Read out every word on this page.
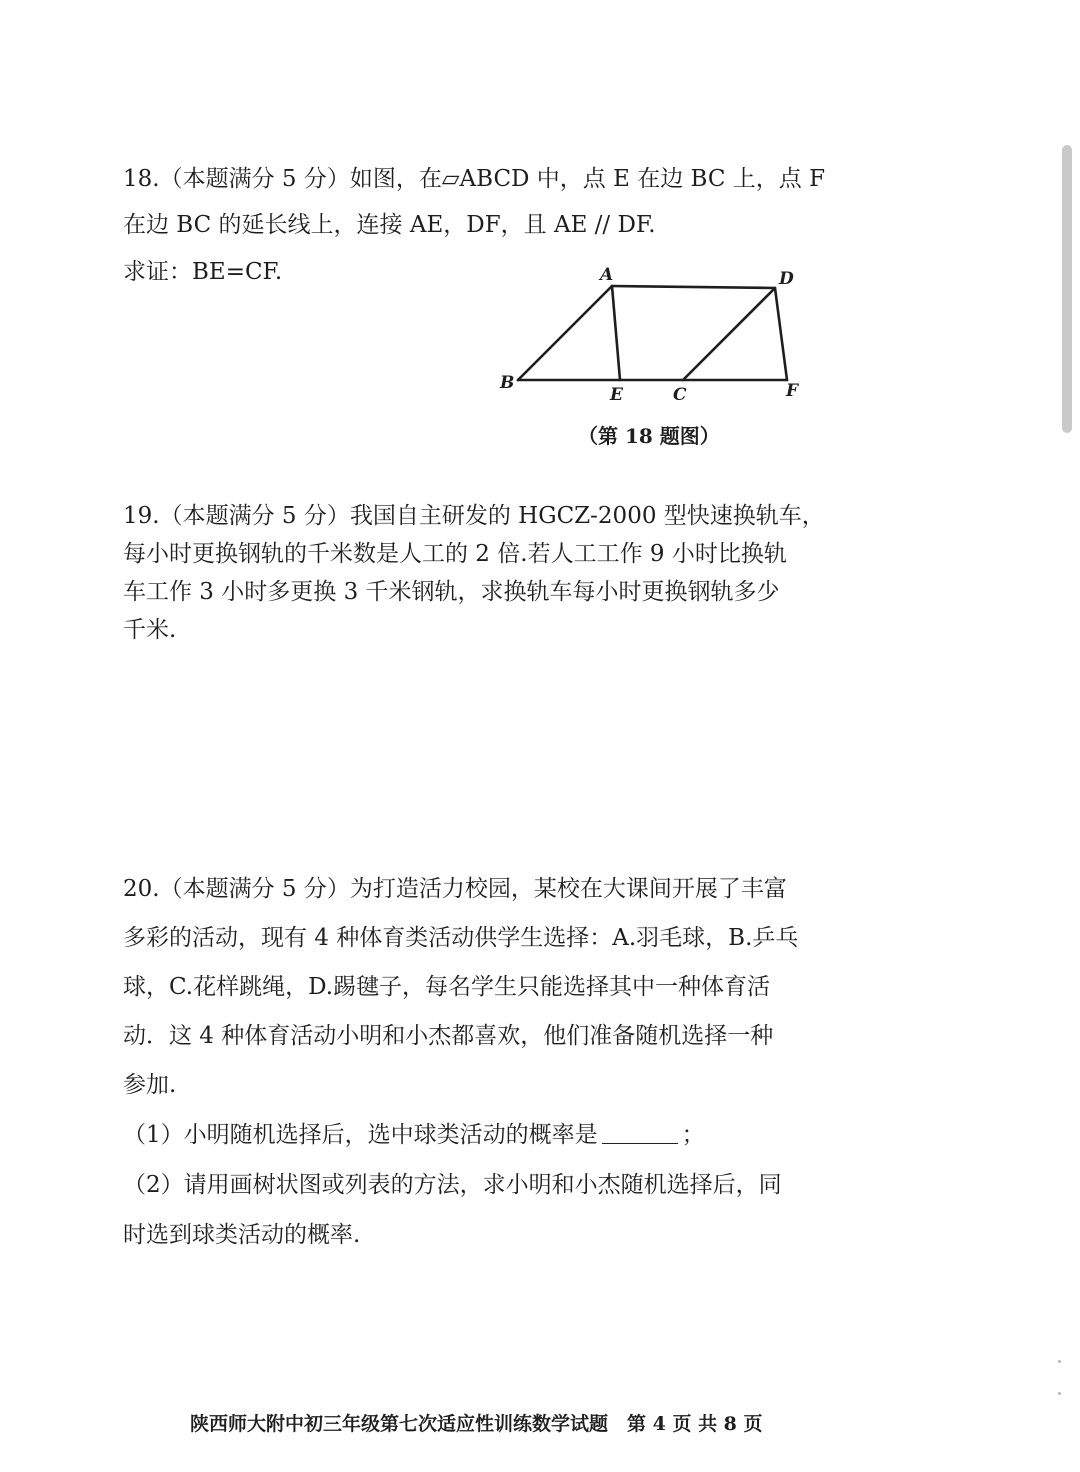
18.（本题满分 5 分）如图，在▱ABCD 中，点 E 在边 BC 上，点 F
在边 BC 的延长线上，连接 AE，DF，且 AE // DF.
求证：BE=CF.	A	D
B
E	C	F
（第 18 题图）
19.（本题满分 5 分）我国自主研发的 HGCZ-2000 型快速换轨车，
每小时更换钢轨的千米数是人工的 2 倍.若人工工作 9 小时比换轨
车工作 3 小时多更换 3 千米钢轨，求换轨车每小时更换钢轨多少
千米.
20.（本题满分 5 分）为打造活力校园，某校在大课间开展了丰富
多彩的活动，现有 4 种体育类活动供学生选择：A.羽毛球，B.乒乓
球，C.花样跳绳，D.踢毽子，每名学生只能选择其中一种体育活
动．这 4 种体育活动小明和小杰都喜欢，他们准备随机选择一种
参加.
（1）小明随机选择后，选中球类活动的概率是	；
（2）请用画树状图或列表的方法，求小明和小杰随机选择后，同
时选到球类活动的概率.
陕西师大附中初三年级第七次适应性训练数学试题　第 4 页 共 8 页
